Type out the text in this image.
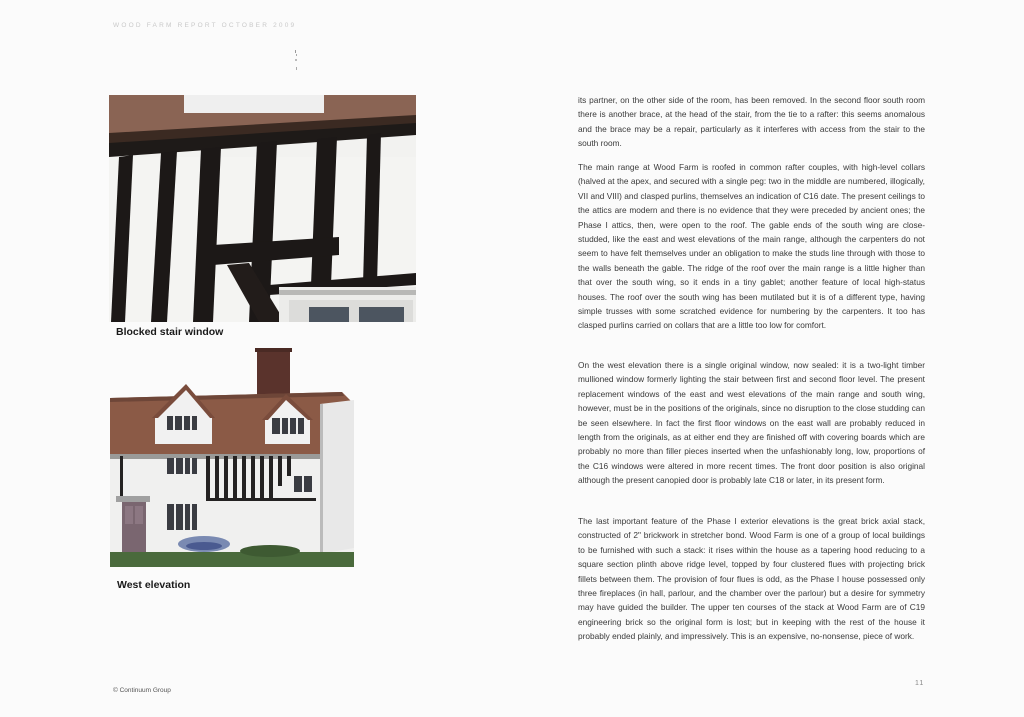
WOOD FARM REPORT OCTOBER 2009
Blocked stair window
West elevation

its partner, on the other side of the room, has been removed. In the second floor south room there is another brace, at the head of the stair, from the tie to a rafter: this seems anomalous and the brace may be a repair, particularly as it interferes with access from the stair to the south room.

The main range at Wood Farm is roofed in common rafter couples, with high-level collars (halved at the apex, and secured with a single peg: two in the middle are numbered, illogically, VII and VIII) and clasped purlins, themselves an indication of C16 date. The present ceilings to the attics are modern and there is no evidence that they were preceded by ancient ones; the Phase I attics, then, were open to the roof. The gable ends of the south wing are close-studded, like the east and west elevations of the main range, although the carpenters do not seem to have felt themselves under an obligation to make the studs line through with those to the walls beneath the gable. The ridge of the roof over the main range is a little higher than that over the south wing, so it ends in a tiny gablet; another feature of local high-status houses. The roof over the south wing has been mutilated but it is of a different type, having simple trusses with some scratched evidence for numbering by the carpenters. It too has clasped purlins carried on collars that are a little too low for comfort.

On the west elevation there is a single original window, now sealed: it is a two-light timber mullioned window formerly lighting the stair between first and second floor level. The present replacement windows of the east and west elevations of the main range and south wing, however, must be in the positions of the originals, since no disruption to the close studding can be seen elsewhere. In fact the first floor windows on the east wall are probably reduced in length from the originals, as at either end they are finished off with covering boards which are probably no more than filler pieces inserted when the unfashionably long, low, proportions of the C16 windows were altered in more recent times. The front door position is also original although the present canopied door is probably late C18 or later, in its present form.

The last important feature of the Phase I exterior elevations is the great brick axial stack, constructed of 2" brickwork in stretcher bond. Wood Farm is one of a group of local buildings to be furnished with such a stack: it rises within the house as a tapering hood reducing to a square section plinth above ridge level, topped by four clustered flues with projecting brick fillets between them. The provision of four flues is odd, as the Phase I house possessed only three fireplaces (in hall, parlour, and the chamber over the parlour) but a desire for symmetry may have guided the builder. The upper ten courses of the stack at Wood Farm are of C19 engineering brick so the original form is lost; but in keeping with the rest of the house it probably ended plainly, and impressively. This is an expensive, no-nonsense, piece of work.

© Continuum Group
11
